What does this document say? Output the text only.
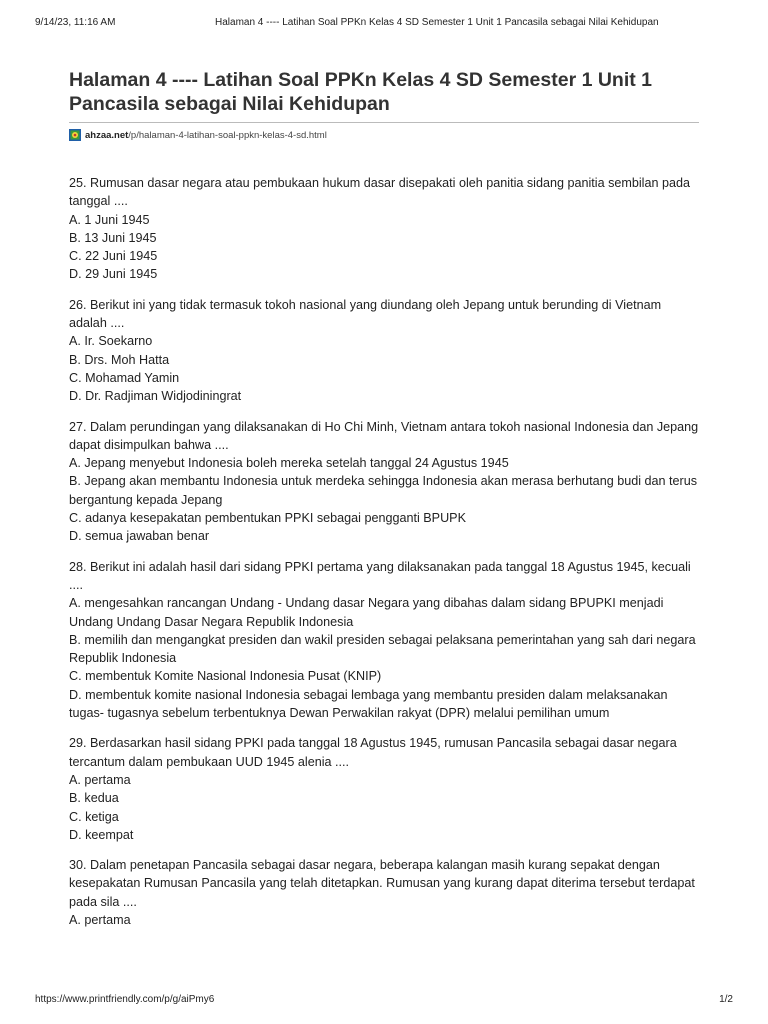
9/14/23, 11:16 AM	Halaman 4 ---- Latihan Soal PPKn Kelas 4 SD Semester 1 Unit 1 Pancasila sebagai Nilai Kehidupan
Halaman 4 ---- Latihan Soal PPKn Kelas 4 SD Semester 1 Unit 1 Pancasila sebagai Nilai Kehidupan
ahzaa.net /p/halaman-4-latihan-soal-ppkn-kelas-4-sd.html

25. Rumusan dasar negara atau pembukaan hukum dasar disepakati oleh panitia sidang panitia sembilan pada tanggal ....

A. 1 Juni 1945
B. 13 Juni 1945
C. 22 Juni 1945
D. 29 Juni 1945

26. Berikut ini yang tidak termasuk tokoh nasional yang diundang oleh Jepang untuk berunding di Vietnam adalah ....

A. Ir. Soekarno
B. Drs. Moh Hatta
C. Mohamad Yamin
D. Dr. Radjiman Widjodiningrat

27. Dalam perundingan yang dilaksanakan di Ho Chi Minh, Vietnam antara tokoh nasional Indonesia dan Jepang dapat disimpulkan bahwa ....

A. Jepang menyebut Indonesia boleh mereka setelah tanggal 24 Agustus 1945
B. Jepang akan membantu Indonesia untuk merdeka sehingga Indonesia akan merasa berhutang budi dan terus bergantung kepada Jepang
C. adanya kesepakatan pembentukan PPKI sebagai pengganti BPUPK
D. semua jawaban benar

28. Berikut ini adalah hasil dari sidang PPKI pertama yang dilaksanakan pada tanggal 18 Agustus 1945, kecuali ....

A. mengesahkan rancangan Undang - Undang dasar Negara yang dibahas dalam sidang BPUPKI menjadi Undang Undang Dasar Negara Republik Indonesia
B. memilih dan mengangkat presiden dan wakil presiden sebagai pelaksana pemerintahan yang sah dari negara Republik Indonesia
C. membentuk Komite Nasional Indonesia Pusat (KNIP)
D. membentuk komite nasional Indonesia sebagai lembaga yang membantu presiden dalam melaksanakan tugas- tugasnya sebelum terbentuknya Dewan Perwakilan rakyat (DPR) melalui pemilihan umum

29. Berdasarkan hasil sidang PPKI pada tanggal 18 Agustus 1945, rumusan Pancasila sebagai dasar negara tercantum dalam pembukaan UUD 1945 alenia ....

A. pertama
B. kedua
C. ketiga
D. keempat

30. Dalam penetapan Pancasila sebagai dasar negara, beberapa kalangan masih kurang sepakat dengan kesepakatan Rumusan Pancasila yang telah ditetapkan. Rumusan yang kurang dapat diterima tersebut terdapat pada sila ....

A. pertama
https://www.printfriendly.com/p/g/aiPmy6	1/2
